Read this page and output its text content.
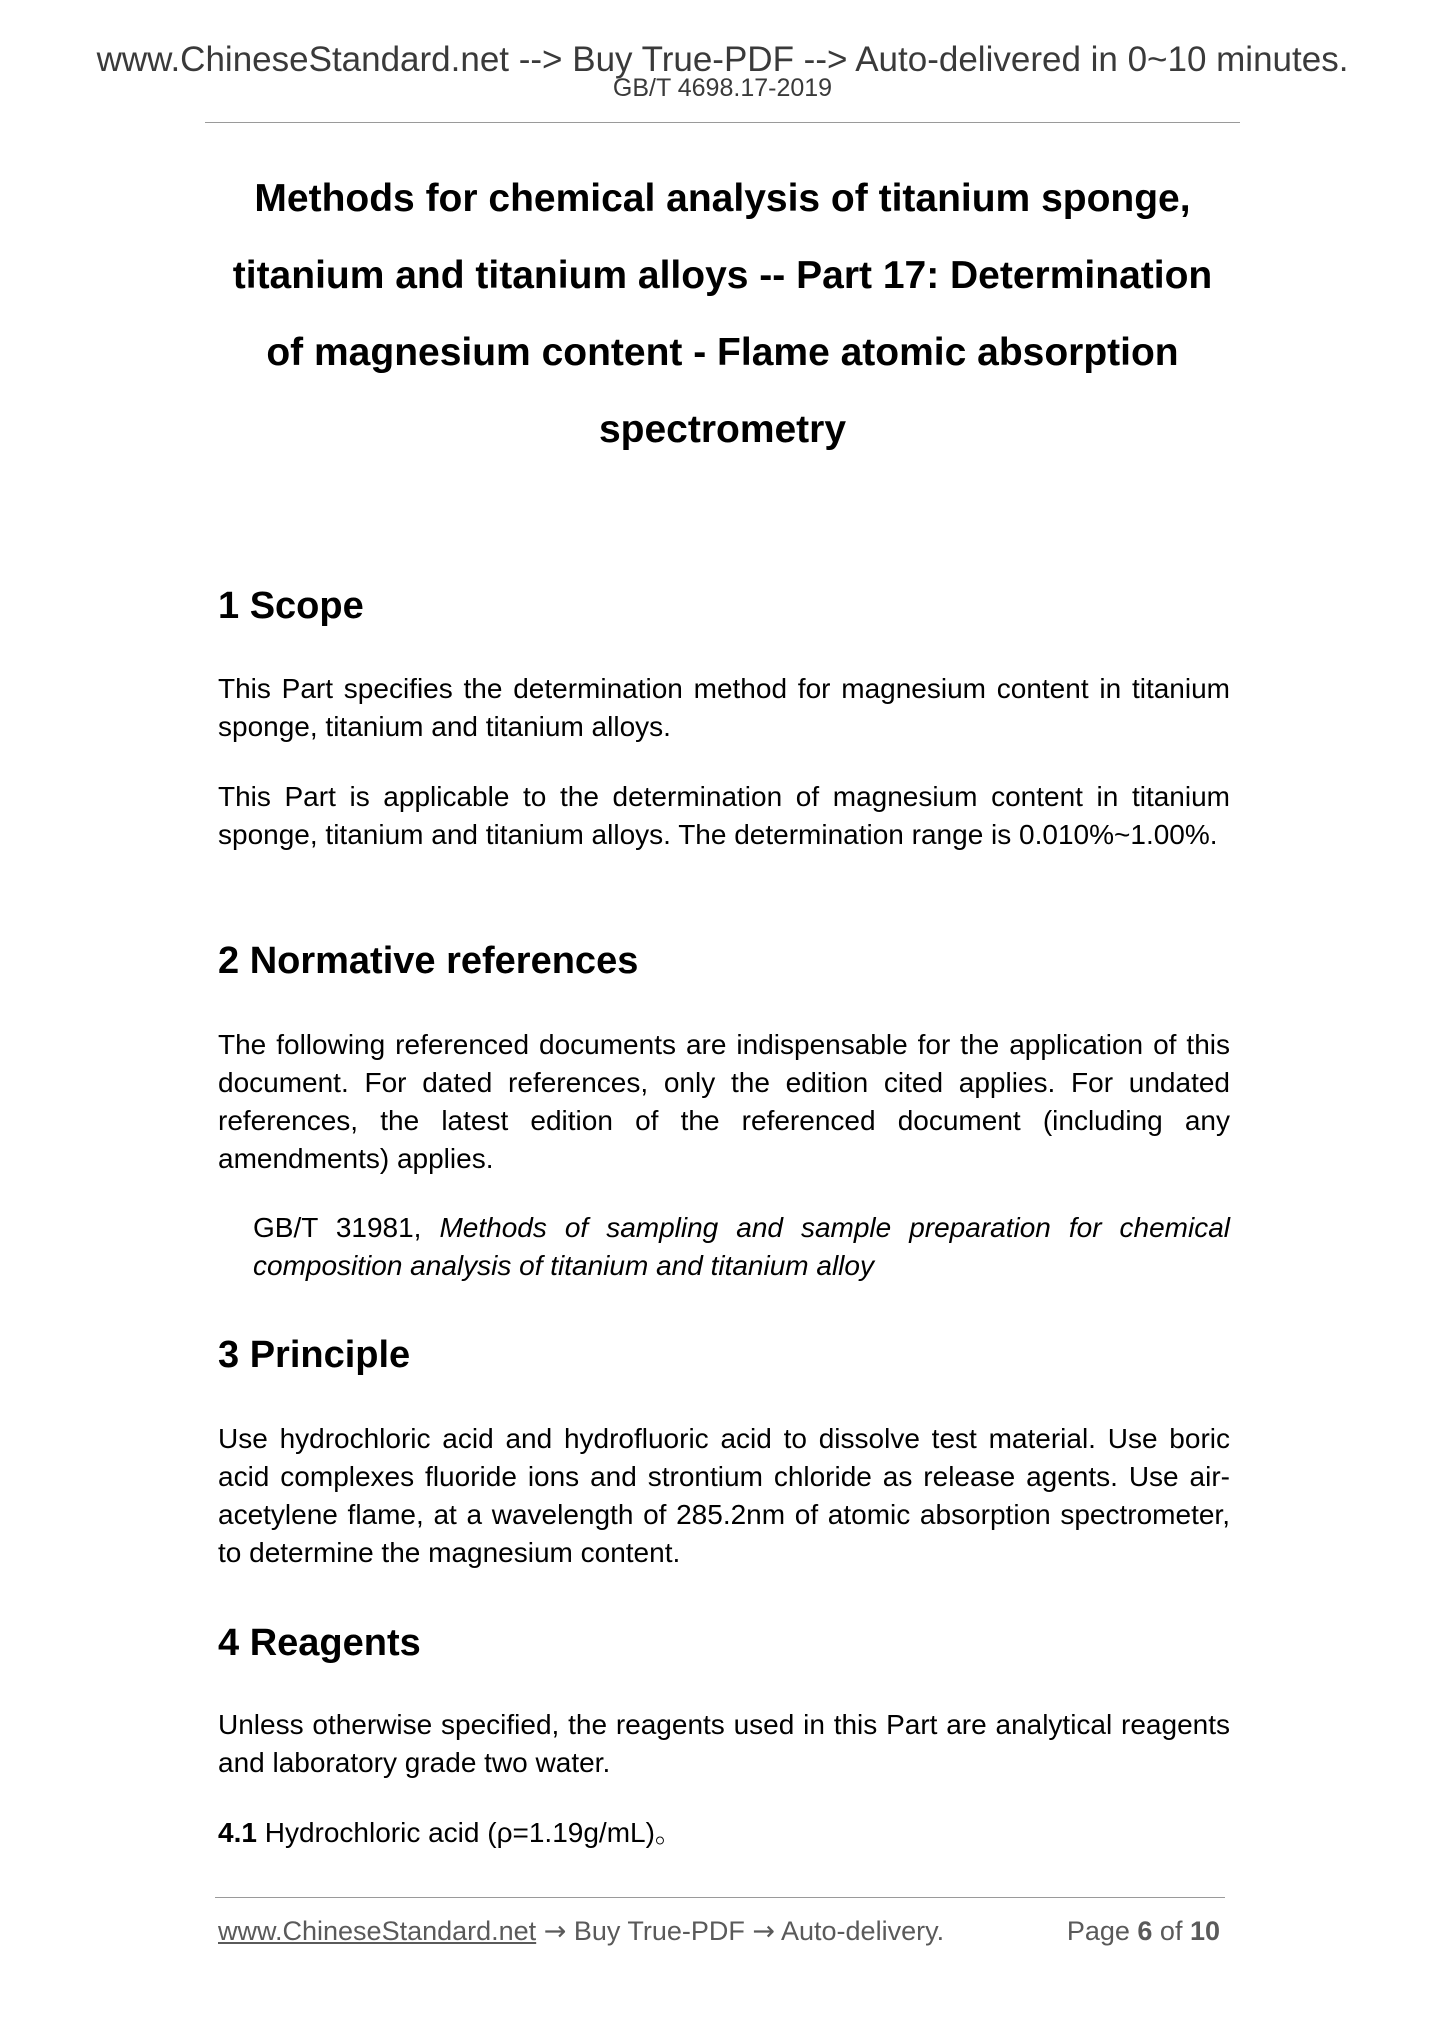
www.ChineseStandard.net --> Buy True-PDF --> Auto-delivered in 0~10 minutes.
GB/T 4698.17-2019
Methods for chemical analysis of titanium sponge,
titanium and titanium alloys -- Part 17: Determination
of magnesium content - Flame atomic absorption
spectrometry
1 Scope
This Part specifies the determination method for magnesium content in titanium sponge, titanium and titanium alloys.
This Part is applicable to the determination of magnesium content in titanium sponge, titanium and titanium alloys. The determination range is 0.010%~1.00%.
2 Normative references
The following referenced documents are indispensable for the application of this document. For dated references, only the edition cited applies. For undated references, the latest edition of the referenced document (including any amendments) applies.
GB/T 31981, Methods of sampling and sample preparation for chemical composition analysis of titanium and titanium alloy
3 Principle
Use hydrochloric acid and hydrofluoric acid to dissolve test material. Use boric acid complexes fluoride ions and strontium chloride as release agents. Use air-acetylene flame, at a wavelength of 285.2nm of atomic absorption spectrometer, to determine the magnesium content.
4 Reagents
Unless otherwise specified, the reagents used in this Part are analytical reagents and laboratory grade two water.
4.1 Hydrochloric acid (ρ=1.19g/mL)。
www.ChineseStandard.net → Buy True-PDF → Auto-delivery.	Page 6 of 10
